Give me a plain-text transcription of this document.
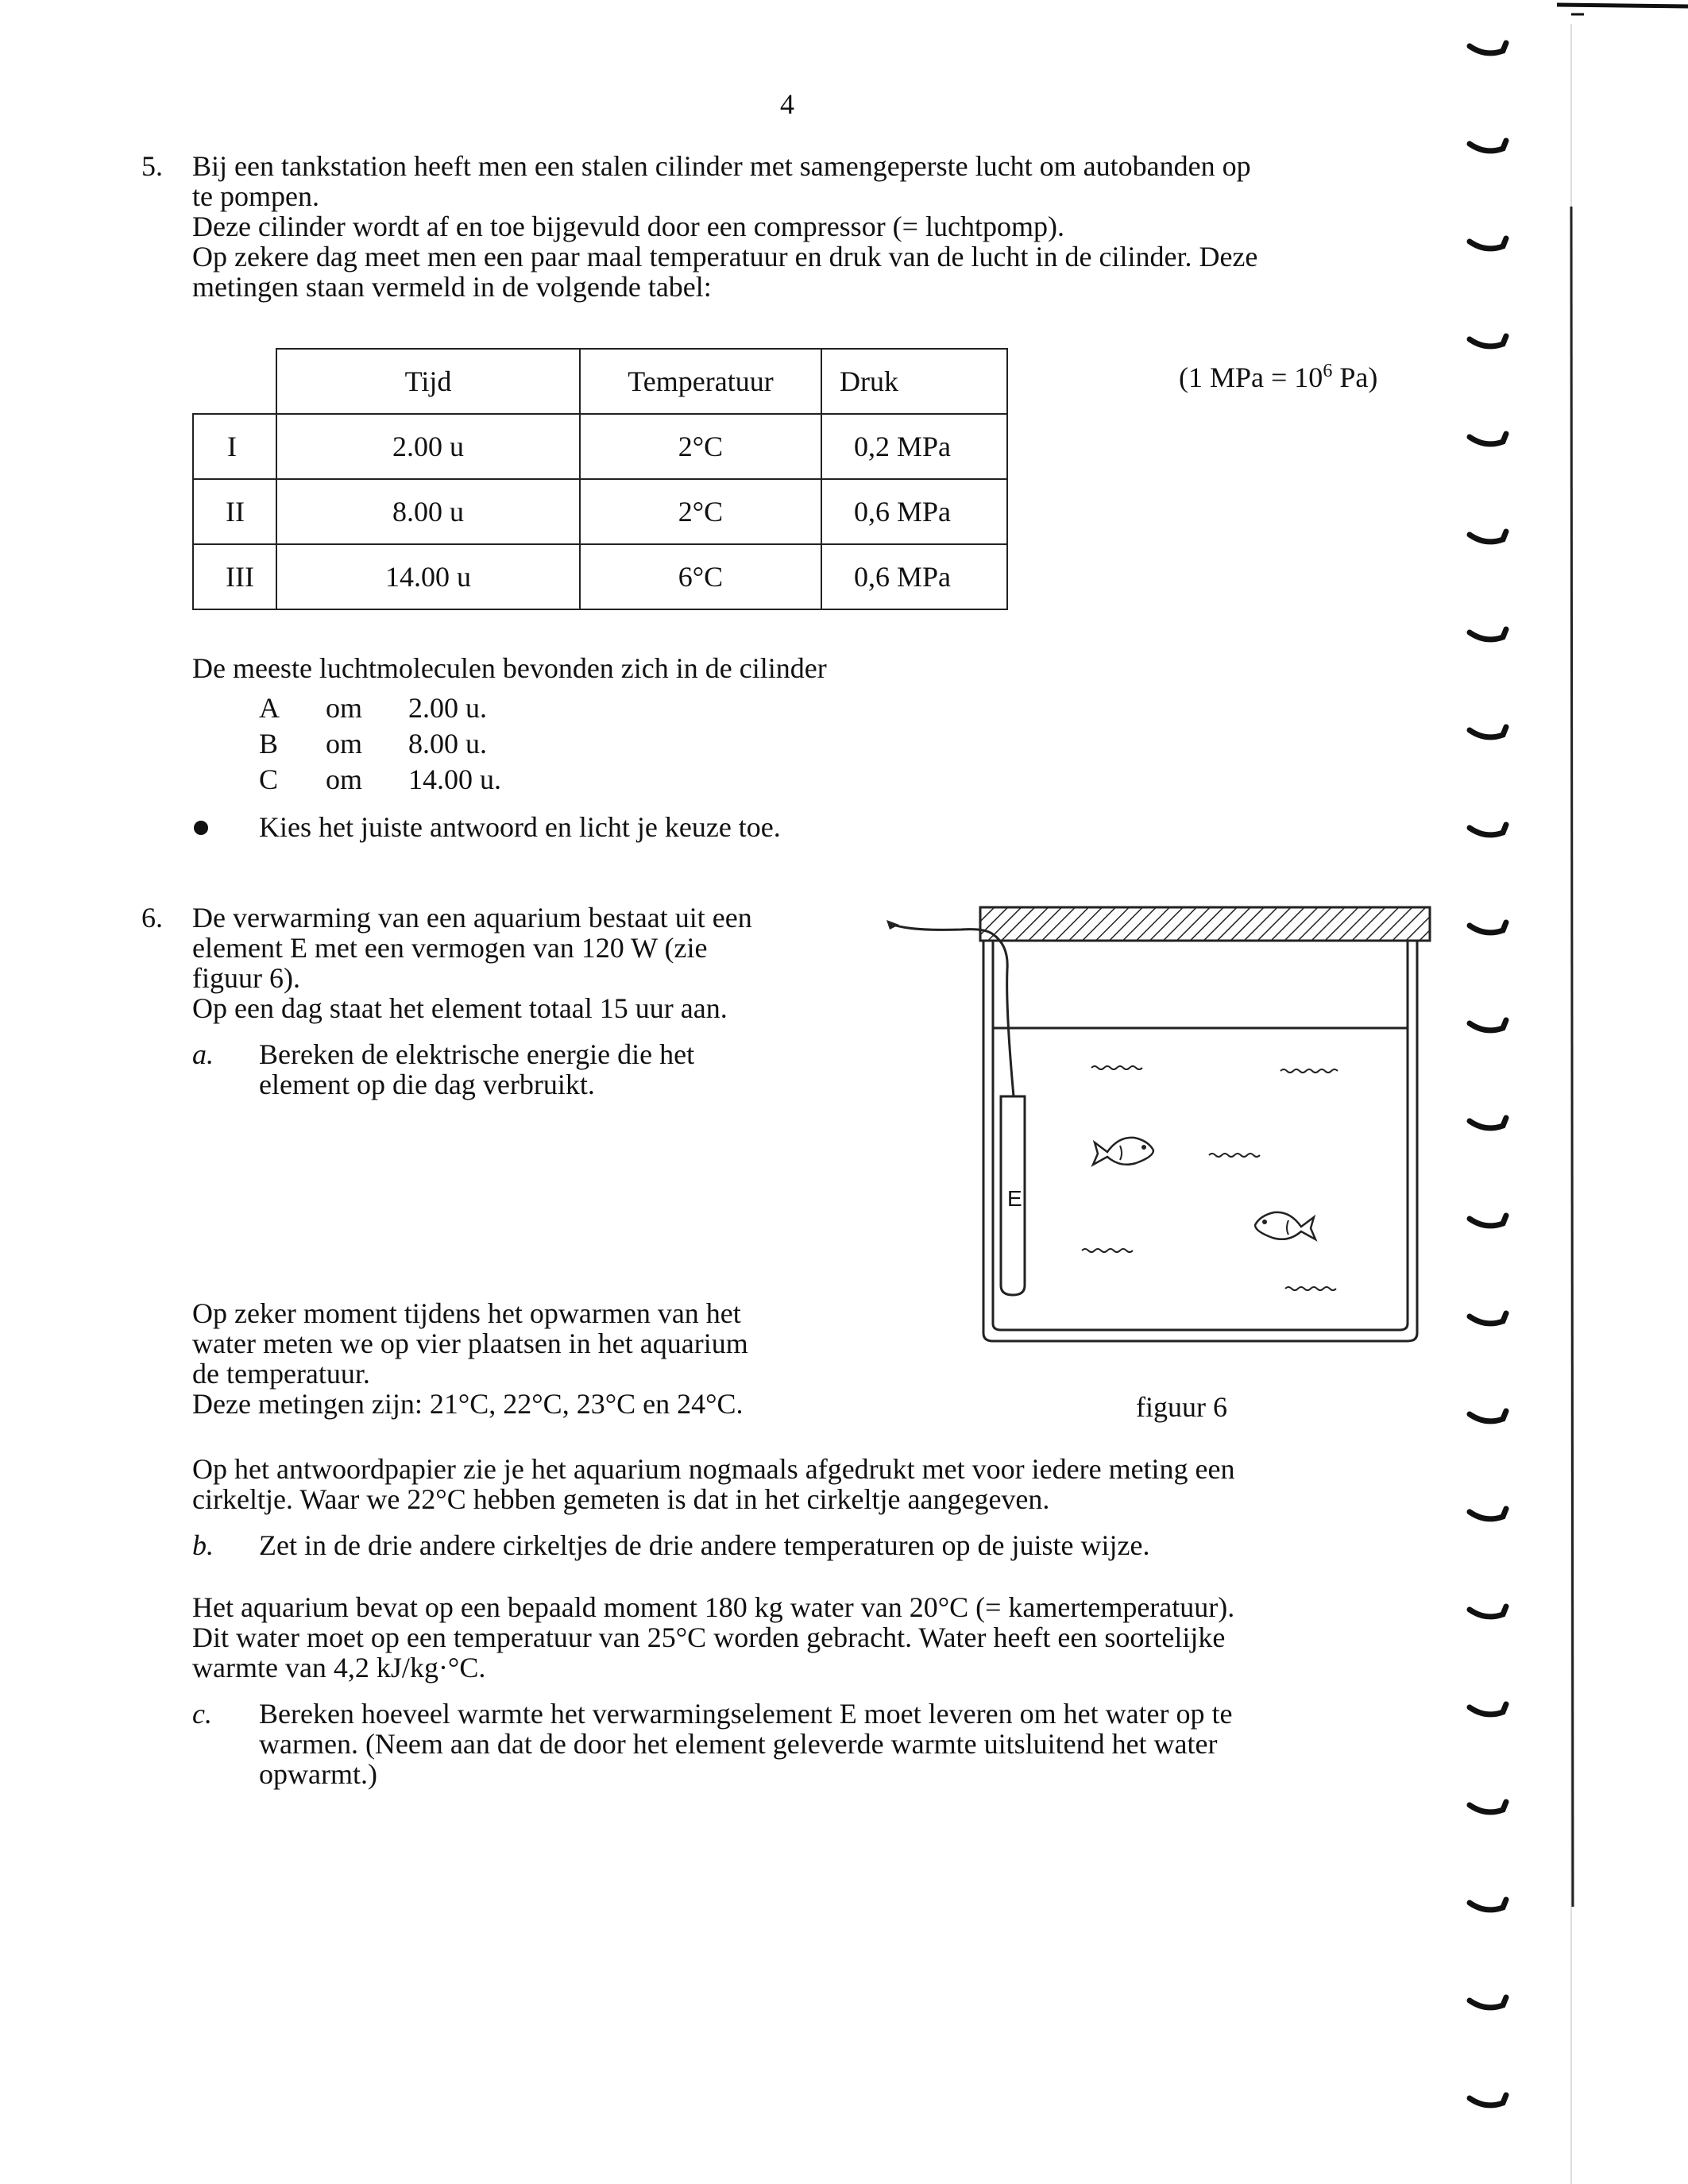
4
5. Bij een tankstation heeft men een stalen cilinder met samengeperste lucht om autobanden op
te pompen.
Deze cilinder wordt af en toe bijgevuld door een compressor (= luchtpomp).
Op zekere dag meet men een paar maal temperatuur en druk van de lucht in de cilinder. Deze
metingen staan vermeld in de volgende tabel:
	Tijd	Temperatuur	Druk
I	2.00 u	2°C	0,2 MPa
II	8.00 u	2°C	0,6 MPa
III	14.00 u	6°C	0,6 MPa
(1 MPa = $10^6$ Pa)
De meeste luchtmoleculen bevonden zich in de cilinder
A	om	2.00 u.
B	om	8.00 u.
C	om	14.00 u.
Kies het juiste antwoord en licht je keuze toe.
6. De verwarming van een aquarium bestaat uit een
element E met een vermogen van 120 W (zie
figuur 6).
Op een dag staat het element totaal 15 uur aan.
a. Bereken de elektrische energie die het
element op die dag verbruikt.
Op zeker moment tijdens het opwarmen van het
water meten we op vier plaatsen in het aquarium
de temperatuur.
Deze metingen zijn: 21°C, 22°C, 23°C en 24°C.
E
figuur 6
Op het antwoordpapier zie je het aquarium nogmaals afgedrukt met voor iedere meting een
cirkeltje. Waar we 22°C hebben gemeten is dat in het cirkeltje aangegeven.
b. Zet in de drie andere cirkeltjes de drie andere temperaturen op de juiste wijze.
Het aquarium bevat op een bepaald moment 180 kg water van 20°C (= kamertemperatuur).
Dit water moet op een temperatuur van 25°C worden gebracht. Water heeft een soortelijke
warmte van 4,2 kJ/kg·°C.
c. Bereken hoeveel warmte het verwarmingselement E moet leveren om het water op te
warmen. (Neem aan dat de door het element geleverde warmte uitsluitend het water
opwarmt.)
